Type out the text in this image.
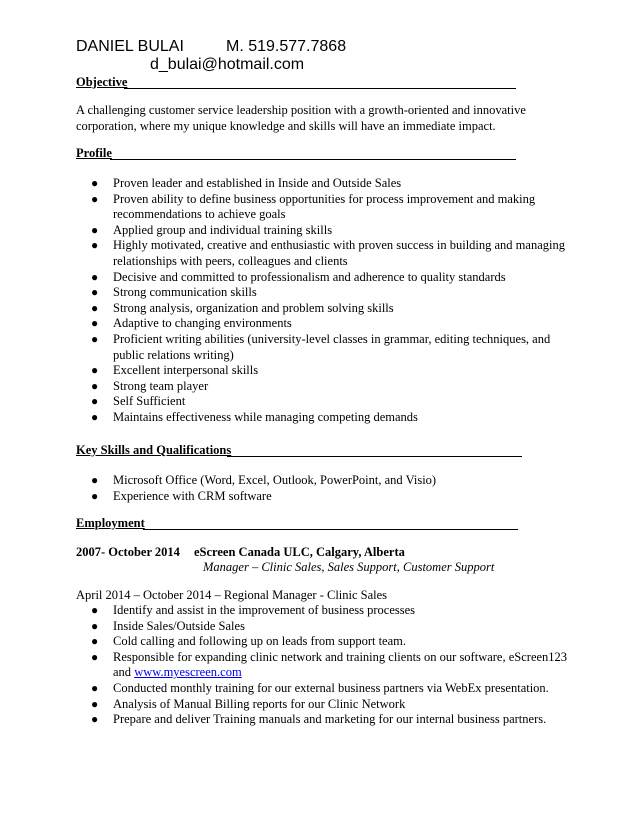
DANIEL BULAI	M. 519.577.7868
d_bulai@hotmail.com
Objective
A challenging customer service leadership position with a growth-oriented and innovative corporation, where my unique knowledge and skills will have an immediate impact.
Profile
● Proven leader and established in Inside and Outside Sales
● Proven ability to define business opportunities for process improvement and making recommendations to achieve goals
● Applied group and individual training skills
● Highly motivated, creative and enthusiastic with proven success in building and managing relationships with peers, colleagues and clients
● Decisive and committed to professionalism and adherence to quality standards
● Strong communication skills
● Strong analysis, organization and problem solving skills
● Adaptive to changing environments
● Proficient writing abilities (university-level classes in grammar, editing techniques, and public relations writing)
● Excellent interpersonal skills
● Strong team player
● Self Sufficient
● Maintains effectiveness while managing competing demands
Key Skills and Qualifications
● Microsoft Office (Word, Excel, Outlook, PowerPoint, and Visio)
● Experience with CRM software
Employment
2007- October 2014 eScreen Canada ULC, Calgary, Alberta
Manager – Clinic Sales, Sales Support, Customer Support
April 2014 – October 2014 – Regional Manager - Clinic Sales
● Identify and assist in the improvement of business processes
● Inside Sales/Outside Sales
● Cold calling and following up on leads from support team.
● Responsible for expanding clinic network and training clients on our software, eScreen123 and www.myescreen.com
● Conducted monthly training for our external business partners via WebEx presentation.
● Analysis of Manual Billing reports for our Clinic Network
● Prepare and deliver Training manuals and marketing for our internal business partners.
